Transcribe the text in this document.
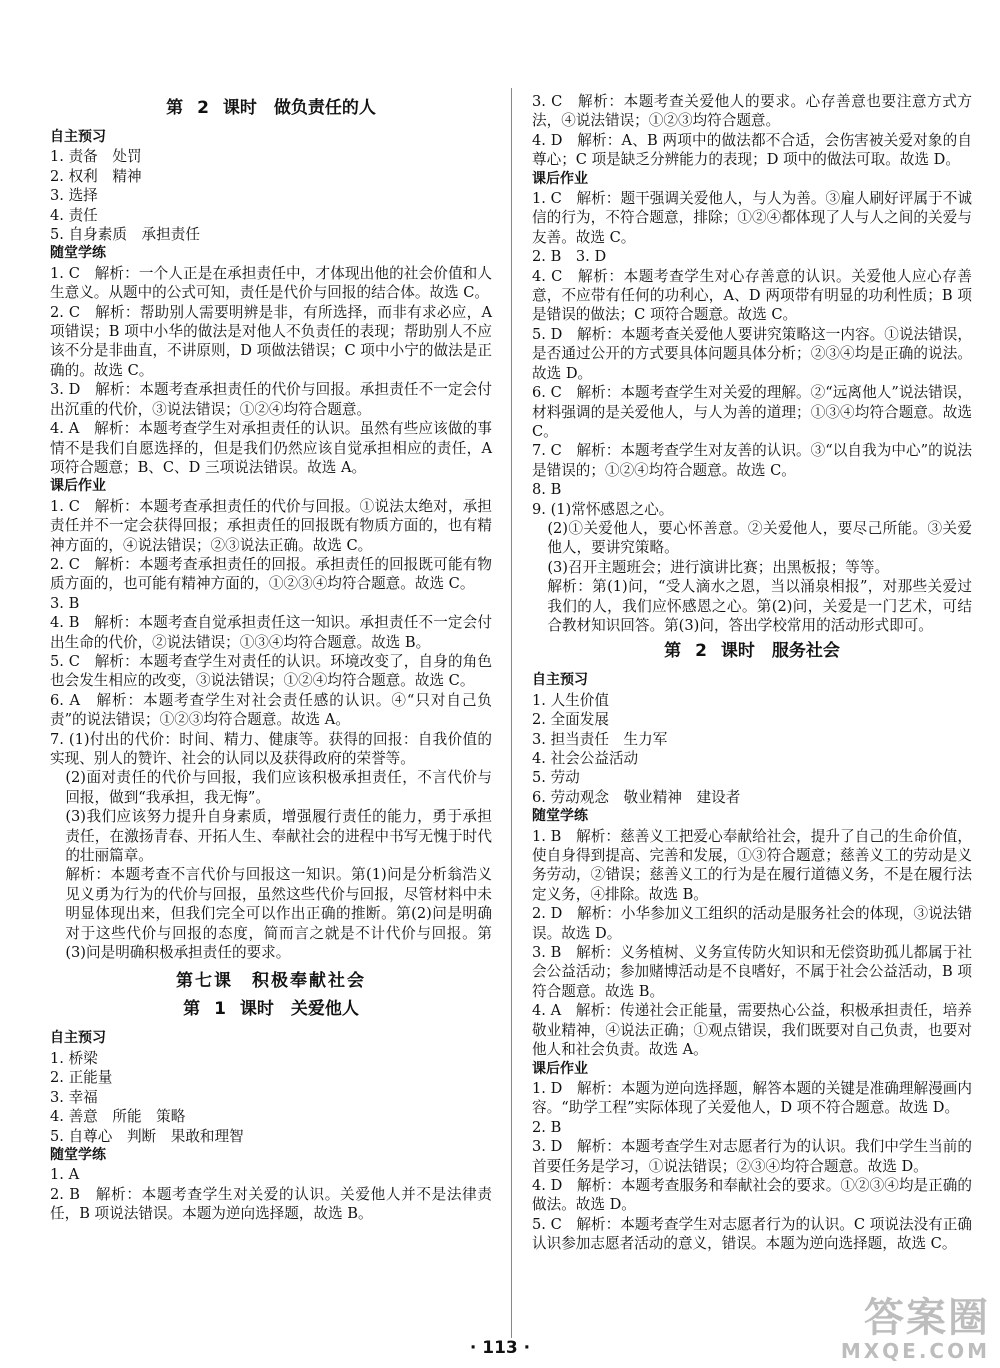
第 2 课时　做负责任的人
自主预习
1. 责备　处罚
2. 权利　精神
3. 选择
4. 责任
5. 自身素质　承担责任
随堂学练
1. C　解析：一个人正是在承担责任中，才体现出他的社会价值和人生意义。从题中的公式可知，责任是代价与回报的结合体。故选 C。
2. C　解析：帮助别人需要明辨是非，有所选择，而非有求必应，A 项错误；B 项中小华的做法是对他人不负责任的表现；帮助别人不应该不分是非曲直，不讲原则，D 项做法错误；C 项中小宁的做法是正确的。故选 C。
3. D　解析：本题考查承担责任的代价与回报。承担责任不一定会付出沉重的代价，③说法错误；①②④均符合题意。
4. A　解析：本题考查学生对承担责任的认识。虽然有些应该做的事情不是我们自愿选择的，但是我们仍然应该自觉承担相应的责任，A 项符合题意；B、C、D 三项说法错误。故选 A。
课后作业
1. C　解析：本题考查承担责任的代价与回报。①说法太绝对，承担责任并不一定会获得回报；承担责任的回报既有物质方面的，也有精神方面的，④说法错误；②③说法正确。故选 C。
2. C　解析：本题考查承担责任的回报。承担责任的回报既可能有物质方面的，也可能有精神方面的，①②③④均符合题意。故选 C。
3. B
4. B　解析：本题考查自觉承担责任这一知识。承担责任不一定会付出生命的代价，②说法错误；①③④均符合题意。故选 B。
5. C　解析：本题考查学生对责任的认识。环境改变了，自身的角色也会发生相应的改变，③说法错误；①②④均符合题意。故选 C。
6. A　解析：本题考查学生对社会责任感的认识。④“只对自己负责”的说法错误；①②③均符合题意。故选 A。
7. (1)付出的代价：时间、精力、健康等。获得的回报：自我价值的实现、别人的赞许、社会的认同以及获得政府的荣誉等。
(2)面对责任的代价与回报，我们应该积极承担责任，不言代价与回报，做到“我承担，我无悔”。
(3)我们应该努力提升自身素质，增强履行责任的能力，勇于承担责任，在激扬青春、开拓人生、奉献社会的进程中书写无愧于时代的壮丽篇章。
解析：本题考查不言代价与回报这一知识。第(1)问是分析翁浩义见义勇为行为的代价与回报，虽然这些代价与回报，尽管材料中未明显体现出来，但我们完全可以作出正确的推断。第(2)问是明确对于这些代价与回报的态度，简而言之就是不计代价与回报。第(3)问是明确积极承担责任的要求。
第七课　积极奉献社会
第 1 课时　关爱他人
自主预习
1. 桥梁
2. 正能量
3. 幸福
4. 善意　所能　策略
5. 自尊心　判断　果敢和理智
随堂学练
1. A
2. B　解析：本题考查学生对关爱的认识。关爱他人并不是法律责任，B 项说法错误。本题为逆向选择题，故选 B。
3. C　解析：本题考查关爱他人的要求。心存善意也要注意方式方法，④说法错误；①②③均符合题意。
4. D　解析：A、B 两项中的做法都不合适，会伤害被关爱对象的自尊心；C 项是缺乏分辨能力的表现；D 项中的做法可取。故选 D。
课后作业
1. C　解析：题干强调关爱他人，与人为善。③雇人刷好评属于不诚信的行为，不符合题意，排除；①②④都体现了人与人之间的关爱与友善。故选 C。
2. B　3. D
4. C　解析：本题考查学生对心存善意的认识。关爱他人应心存善意，不应带有任何的功利心，A、D 两项带有明显的功利性质；B 项是错误的做法；C 项符合题意。故选 C。
5. D　解析：本题考查关爱他人要讲究策略这一内容。①说法错误，是否通过公开的方式要具体问题具体分析；②③④均是正确的说法。故选 D。
6. C　解析：本题考查学生对关爱的理解。②“远离他人”说法错误，材料强调的是关爱他人，与人为善的道理；①③④均符合题意。故选 C。
7. C　解析：本题考查学生对友善的认识。③“以自我为中心”的说法是错误的；①②④均符合题意。故选 C。
8. B
9. (1)常怀感恩之心。
(2)①关爱他人，要心怀善意。②关爱他人，要尽己所能。③关爱他人，要讲究策略。
(3)召开主题班会；进行演讲比赛；出黑板报；等等。
解析：第(1)问，“受人滴水之恩，当以涌泉相报”，对那些关爱过我们的人，我们应怀感恩之心。第(2)问，关爱是一门艺术，可结合教材知识回答。第(3)问，答出学校常用的活动形式即可。
第 2 课时　服务社会
自主预习
1. 人生价值
2. 全面发展
3. 担当责任　生力军
4. 社会公益活动
5. 劳动
6. 劳动观念　敬业精神　建设者
随堂学练
1. B　解析：慈善义工把爱心奉献给社会，提升了自己的生命价值，使自身得到提高、完善和发展，①③符合题意；慈善义工的劳动是义务劳动，②错误；慈善义工的行为是在履行道德义务，不是在履行法定义务，④排除。故选 B。
2. D　解析：小华参加义工组织的活动是服务社会的体现，③说法错误。故选 D。
3. B　解析：义务植树、义务宣传防火知识和无偿资助孤儿都属于社会公益活动；参加赌博活动是不良嗜好，不属于社会公益活动，B 项符合题意。故选 B。
4. A　解析：传递社会正能量，需要热心公益，积极承担责任，培养敬业精神，④说法正确；①观点错误，我们既要对自己负责，也要对他人和社会负责。故选 A。
课后作业
1. D　解析：本题为逆向选择题，解答本题的关键是准确理解漫画内容。“助学工程”实际体现了关爱他人，D 项不符合题意。故选 D。
2. B
3. D　解析：本题考查学生对志愿者行为的认识。我们中学生当前的首要任务是学习，①说法错误；②③④均符合题意。故选 D。
4. D　解析：本题考查服务和奉献社会的要求。①②③④均是正确的做法。故选 D。
5. C　解析：本题考查学生对志愿者行为的认识。C 项说法没有正确认识参加志愿者活动的意义，错误。本题为逆向选择题，故选 C。
· 113 ·
答案圈
MXQE.COM
